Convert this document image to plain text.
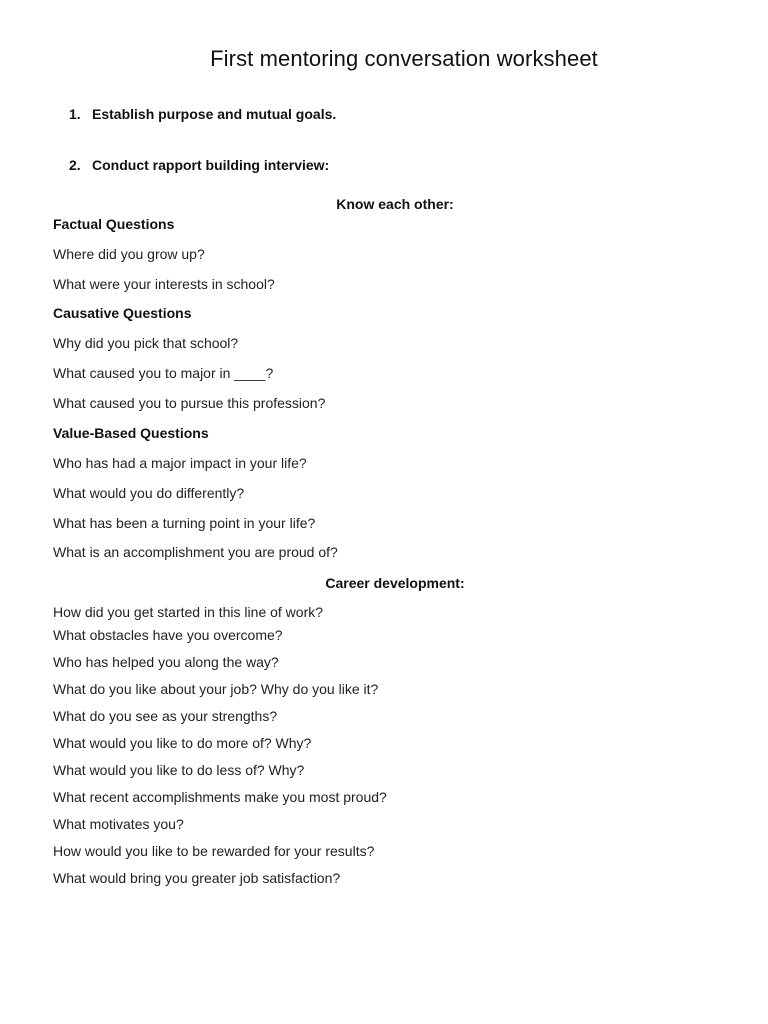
First mentoring conversation worksheet
1. Establish purpose and mutual goals.
2. Conduct rapport building interview:
Know each other:
Factual Questions
Where did you grow up?
What were your interests in school?
Causative Questions
Why did you pick that school?
What caused you to major in ____?
What caused you to pursue this profession?
Value-Based Questions
Who has had a major impact in your life?
What would you do differently?
What has been a turning point in your life?
What is an accomplishment you are proud of?
Career development:
How did you get started in this line of work?
What obstacles have you overcome?
Who has helped you along the way?
What do you like about your job? Why do you like it?
What do you see as your strengths?
What would you like to do more of? Why?
What would you like to do less of? Why?
What recent accomplishments make you most proud?
What motivates you?
How would you like to be rewarded for your results?
What would bring you greater job satisfaction?
